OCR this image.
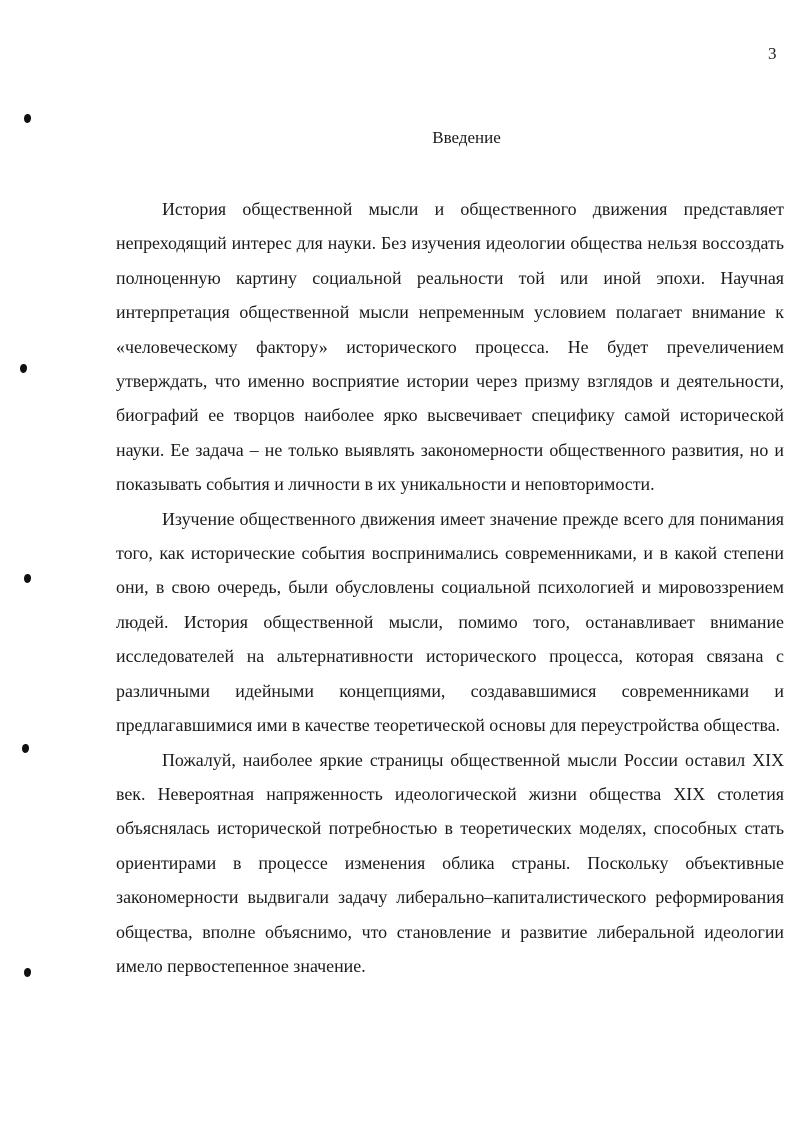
3
Введение

История общественной мысли и общественного движения представляет непреходящий интерес для науки. Без изучения идеологии общества нельзя воссоздать полноценную картину социальной реальности той или иной эпохи. Научная интерпретация общественной мысли непременным условием полагает внимание к «человеческому фактору» исторического процесса. Не будет преvеличением утверждать, что именно восприятие истории через призму взглядов и деятельности, биографий ее творцов наиболее ярко высвечивает специфику самой исторической науки. Ее задача – не только выявлять закономерности общественного развития, но и показывать события и личности в их уникальности и неповторимости.

Изучение общественного движения имеет значение прежде всего для понимания того, как исторические события воспринимались современниками, и в какой степени они, в свою очередь, были обусловлены социальной психологией и мировоззрением людей. История общественной мысли, помимо того, останавливает внимание исследователей на альтернативности исторического процесса, которая связана с различными идейными концепциями, создававшимися современниками и предлагавшимися ими в качестве теоретической основы для переустройства общества.

Пожалуй, наиболее яркие страницы общественной мысли России оставил XIX век. Невероятная напряженность идеологической жизни общества XIX столетия объяснялась исторической потребностью в теоретических моделях, способных стать ориентирами в процессе изменения облика страны. Поскольку объективные закономерности выдвигали задачу либерально–капиталистического реформирования общества, вполне объяснимо, что становление и развитие либеральной идеологии имело первостепенное значение.
